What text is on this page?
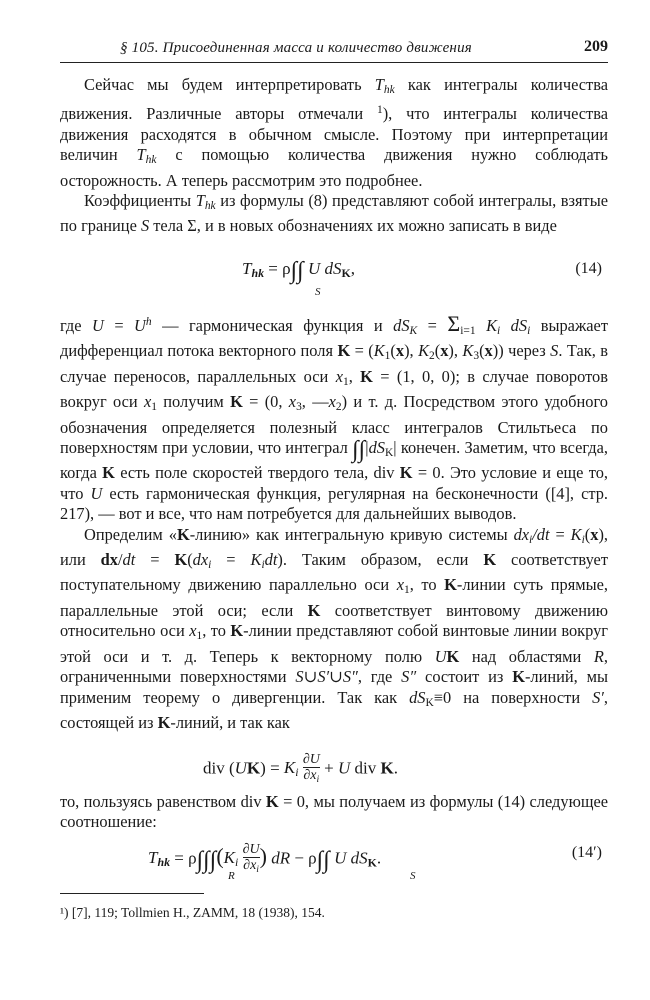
§ 105. Присоединенная масса и количество движения	209

Сейчас мы будем интерпретировать $T_{hk}$ как интегралы количества движения. Различные авторы отмечали $^1$), что интегралы количества движения расходятся в обычном смысле. Поэтому при интерпретации величин $T_{hk}$ с помощью количества движения нужно соблюдать осторожность. А теперь рассмотрим это подробнее.

Коэффициенты $T_{hk}$ из формулы (8) представляют собой интегралы, взятые по границе S тела Σ, и в новых обозначениях их можно записать в виде

$T_{hk} = \rho\int\int$ U $dS_K$,
S
(14)

где $U = U^h$ — гармоническая функция и $dS_K = \Sigma_{i=1}$ $K_i$ $dS_i$ выражает дифференциал потока векторного поля $K = (K_1(x)$, $K_2(x)$, $K_3(x)$) через S. Так, в случае переносов, параллельных оси $x_1$, K = (1, 0, 0); в случае поворотов вокруг оси $x_1$ получим K = (0, $x_3$, $—x_2$) и т. д. Посредством этого удобного обозначения определяется полезный класс интегралов Стильтьеса по поверхностям при условии, что интеграл $\int\int|dS_K|$ конечен. Заметим, что всегда, когда K есть поле скоростей твердого тела, div K = 0. Это условие и еще то, что U есть гармоническая функция, регулярная на бесконечности ([4], стр. 217), — вот и все, что нам потребуется для дальнейших выводов.

Определим «K-линию» как интегральную кривую системы $dx_i/dt = K_i(x)$, или $dx/dt = K(dx_i = K_idt)$. Таким образом, если K соответствует поступательному движению параллельно оси $x_1$, то K-линии суть прямые, параллельные этой оси; если K соответствует винтовому движению относительно оси $x_1$, то K-линии представляют собой винтовые линии вокруг этой оси и т. д. Теперь к векторному полю UK над областями R, ограниченными поверхностями S∪S′∪S″, где S″ состоит из K-линий, мы применим теорему о дивергенции. Так как $dS_K\equiv 0$ на поверхности S′, состоящей из K-линий, и так как

div $(UK) = K_i \frac{\partial U}{\partial x_i} + U$ div K.

то, пользуясь равенством div K = 0, мы получаем из формулы (14) следующее соотношение:

$T_{hk} = \rho\int\int\int(K_i \frac{\partial U}{\partial x_i}$ ) dR − ρ∫∫ U $dS_K$.
R	S
(14′)
¹) [7], 119; Tollmien H., ZAMM, 18 (1938), 154.
